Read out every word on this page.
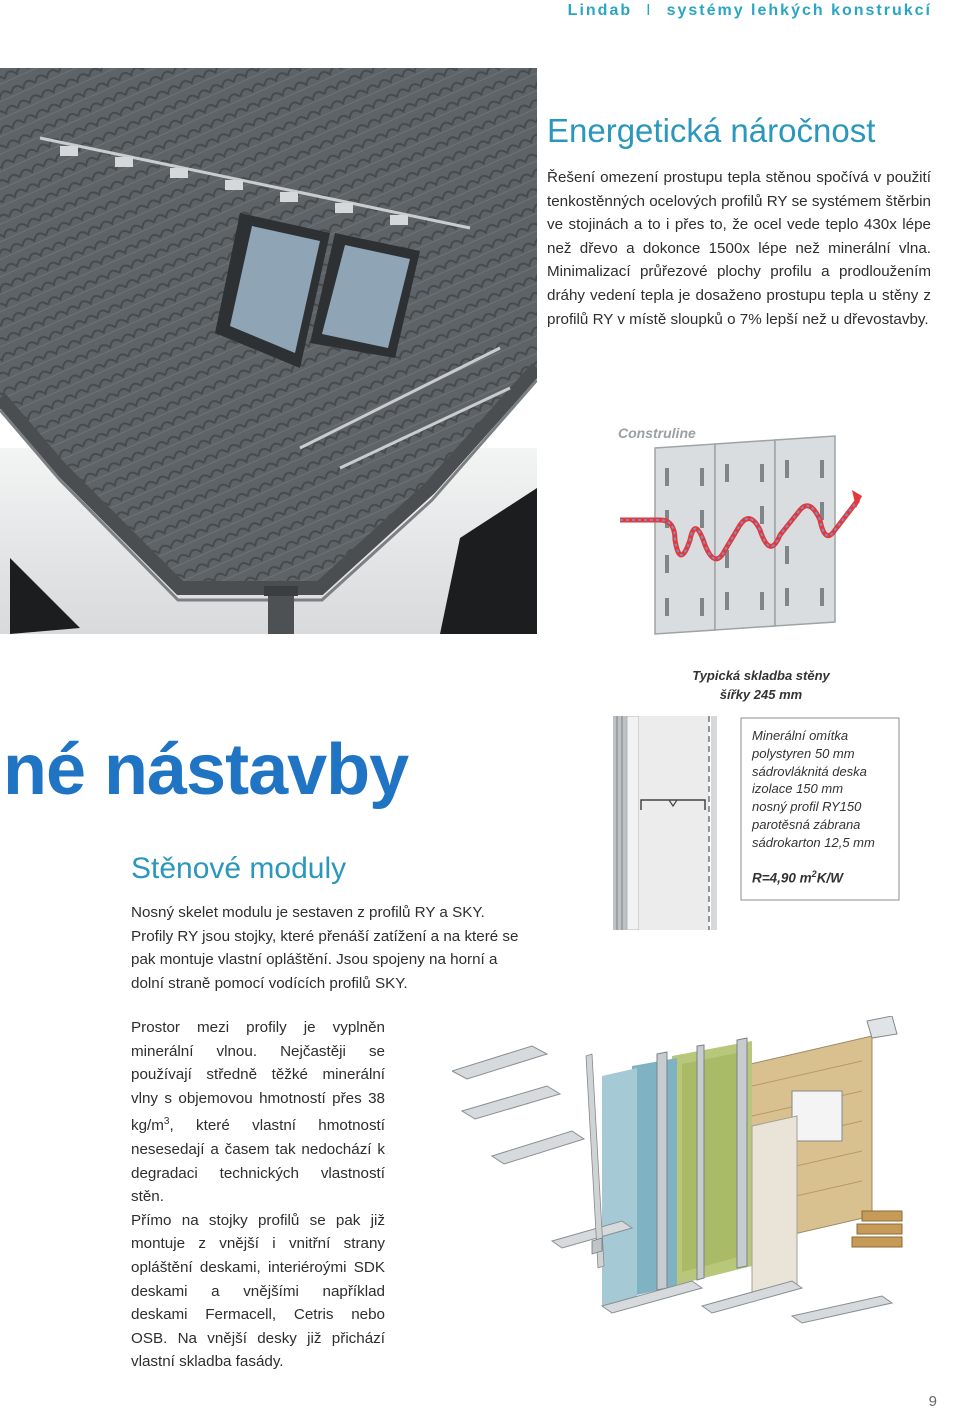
Lindab I systémy lehkých konstrukcí
Energetická náročnost
Řešení omezení prostupu tepla stěnou spočívá v použití tenkostěnných ocelových profilů RY se systémem štěrbin ve stojinách a to i přes to, že ocel vede teplo 430x lépe než dřevo a dokonce 1500x lépe než minerální vlna. Minimalizací průřezové plochy profilu a prodloužením dráhy vedení tepla je dosaženo prostupu tepla u stěny z profilů RY v místě sloupků o 7% lepší než u dřevostavby.
Construline
Typická skladba stěny
šířky 245 mm
Minerální omítka
polystyren 50 mm
sádrovláknitá deska
izolace 150 mm
nosný profil RY150
parotěsná zábrana
sádrokarton 12,5 mm
R=4,90 $m^2K/W$
né nástavby
Stěnové moduly
Nosný skelet modulu je sestaven z profilů RY a SKY. Profily RY jsou stojky, které přenáší zatížení a na které se pak montuje vlastní opláštění. Jsou spojeny na horní a dolní straně pomocí vodících profilů SKY.
Prostor mezi profily je vyplněn minerální vlnou. Nejčastěji se používají středně těžké minerální vlny s objemovou hmotností přes 38 $kg/m^3$, které vlastní hmotností nesesedají a časem tak nedochází k degradaci technických vlastností stěn.
Přímo na stojky profilů se pak již montuje z vnější i vnitřní strany opláštění deskami, interiéroými SDK deskami a vnějšími například deskami Fermacell, Cetris nebo OSB. Na vnější desky již přichází vlastní skladba fasády.
9
